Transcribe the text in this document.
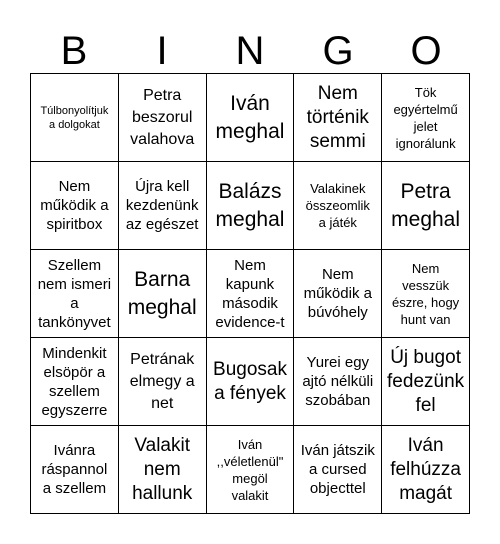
B	I	N	G	O
Túlbonyolítjuk a dolgokat
Petra beszorul valahova
Iván meghal
Nem történik semmi
Tök egyértelmű jelet ignorálunk
Nem működik a spiritbox
Újra kell kezdenünk az egészet
Balázs meghal
Valakinek összeomlik a játék
Petra meghal
Szellem nem ismeri a tankönyvet
Barna meghal
Nem kapunk második evidence-t
Nem működik a búvóhely
Nem vesszük észre, hogy hunt van
Mindenkit elsöpör a szellem egyszerre
Petrának elmegy a net
Bugosak a fények
Yurei egy ajtó nélküli szobában
Új bugot fedezünk fel
Ivánra ráspannol a szellem
Valakit nem hallunk
Iván ,,véletlenül" megöl valakit
Iván játszik a cursed objecttel
Iván felhúzza magát
